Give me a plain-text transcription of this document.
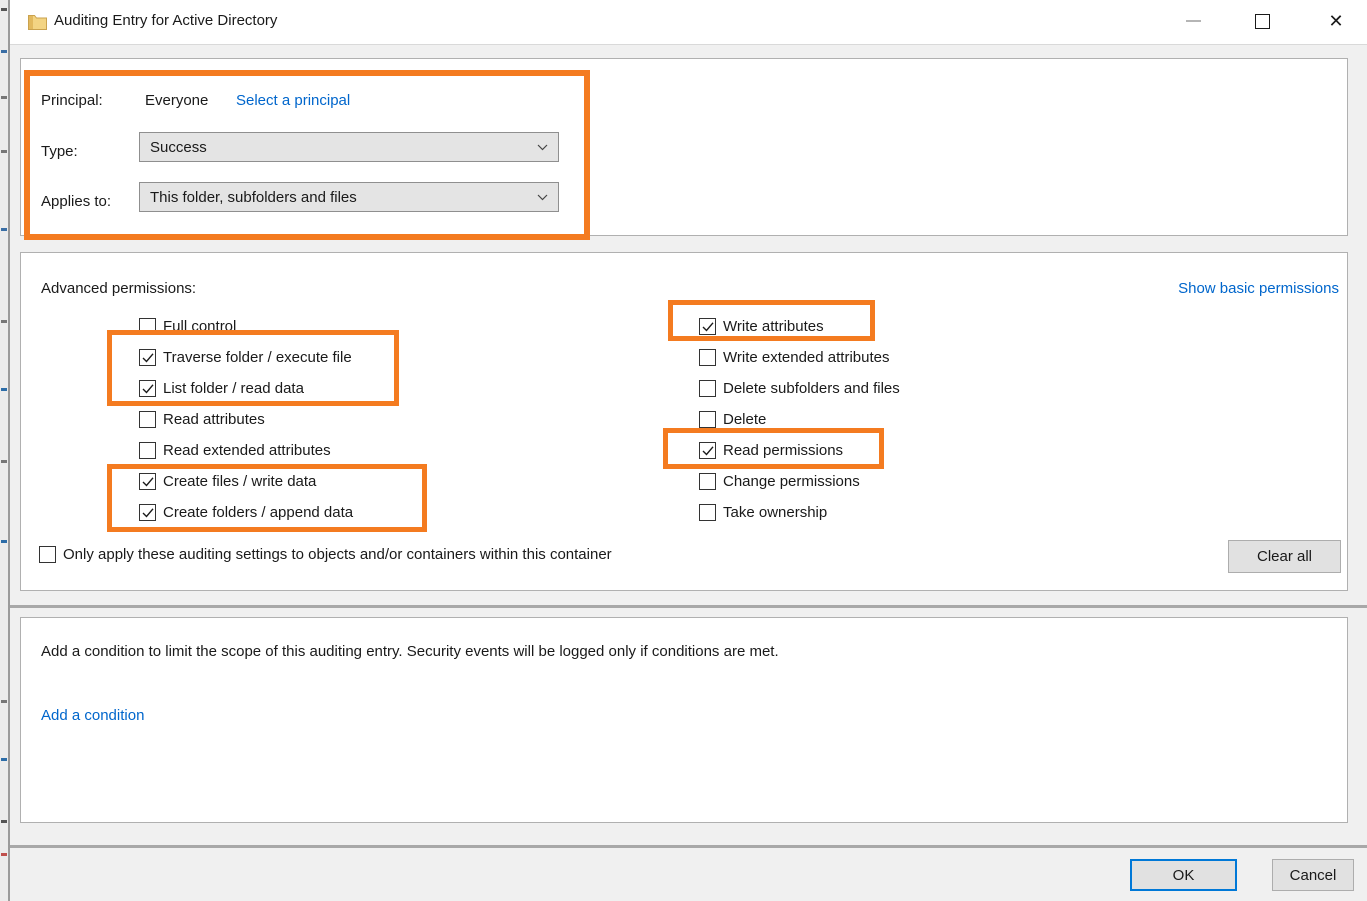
Auditing Entry for Active Directory	✕
Principal:	Everyone Select a principal
Type:	Success
Applies to:	This folder, subfolders and files
Advanced permissions:	Show basic permissions
Full control
Traverse folder / execute file
List folder / read data
Read attributes
Read extended attributes
Create files / write data
Create folders / append data
Write attributes
Write extended attributes
Delete subfolders and files
Delete
Read permissions
Change permissions
Take ownership
Only apply these auditing settings to objects and/or containers within this container	Clear all
Add a condition to limit the scope of this auditing entry. Security events will be logged only if conditions are met.
Add a condition
OK	Cancel
